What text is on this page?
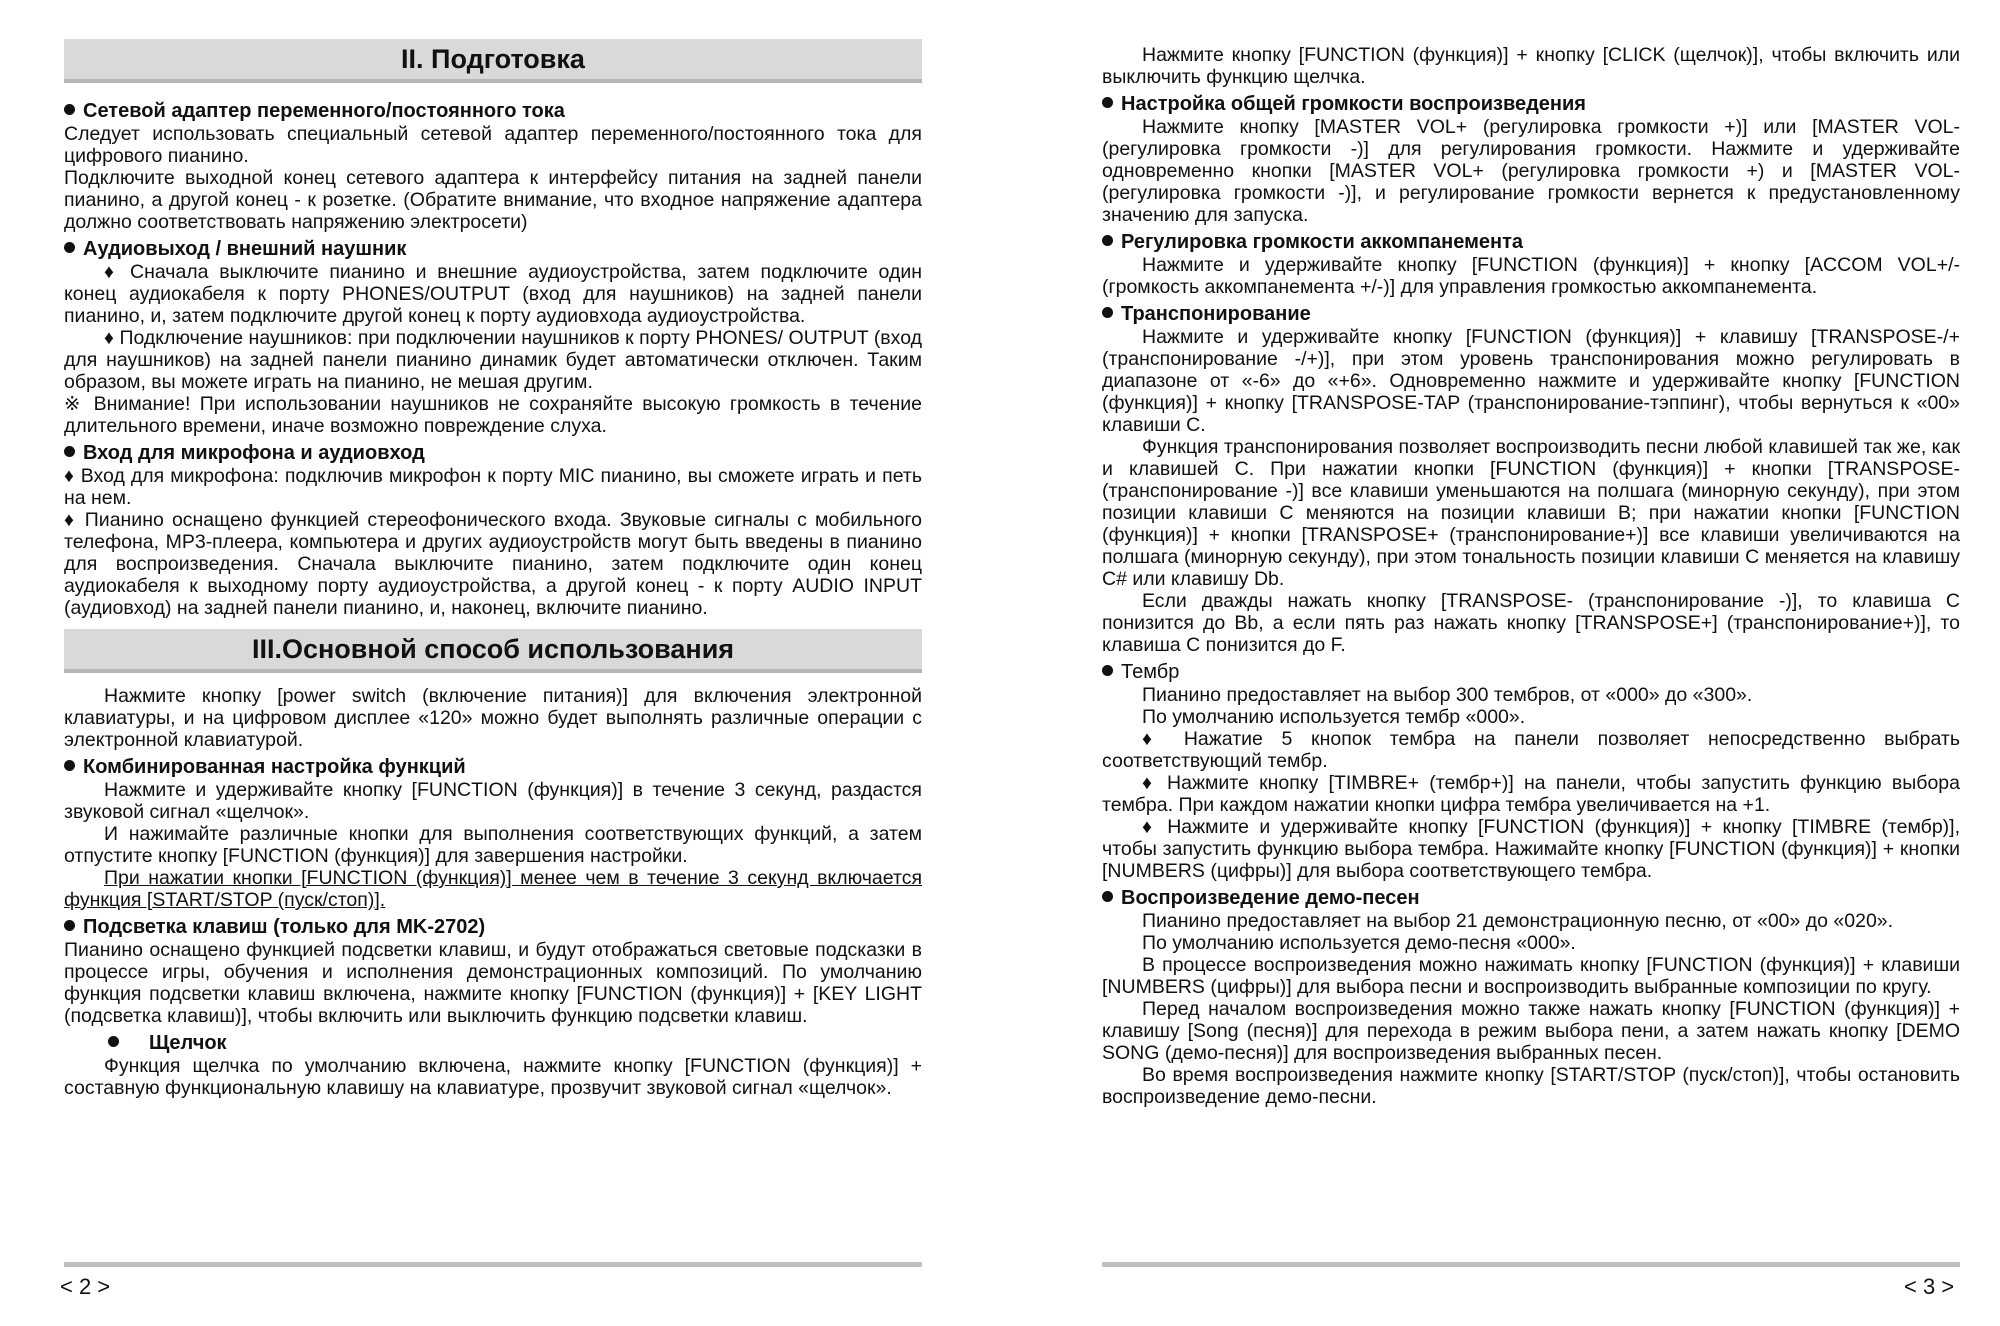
II. Подготовка
Сетевой адаптер переменного/постоянного тока

Следует использовать специальный сетевой адаптер переменного/постоянного тока для цифрового пианино.

Подключите выходной конец сетевого адаптера к интерфейсу питания на задней панели пианино, а другой конец - к розетке. (Обратите внимание, что входное напряжение адаптера должно соответствовать напряжению электросети)

Аудиовыход / внешний наушник

♦ Сначала выключите пианино и внешние аудиоустройства, затем подключите один конец аудиокабеля к порту PHONES/OUTPUT (вход для наушников) на задней панели пианино, и, затем подключите другой конец к порту аудиовхода аудиоустройства.

♦ Подключение наушников: при подключении наушников к порту PHONES/ OUTPUT (вход для наушников) на задней панели пианино динамик будет автоматически отключен. Таким образом, вы можете играть на пианино, не мешая другим.

※ Внимание! При использовании наушников не сохраняйте высокую громкость в течение длительного времени, иначе возможно повреждение слуха.

Вход для микрофона и аудиовход

♦ Вход для микрофона: подключив микрофон к порту MIC пианино, вы сможете играть и петь на нем.

♦ Пианино оснащено функцией стереофонического входа. Звуковые сигналы с мобильного телефона, MP3-плеера, компьютера и других аудиоустройств могут быть введены в пианино для воспроизведения. Сначала выключите пианино, затем подключите один конец аудиокабеля к выходному порту аудиоустройства, а другой конец - к порту AUDIO INPUT (аудиовход) на задней панели пианино, и, наконец, включите пианино.

III.Основной способ использования

Нажмите кнопку [power switch (включение питания)] для включения электронной клавиатуры, и на цифровом дисплее «120» можно будет выполнять различные операции с электронной клавиатурой.

Комбинированная настройка функций

Нажмите и удерживайте кнопку [FUNCTION (функция)] в течение 3 секунд, раздастся звуковой сигнал «щелчок».

И нажимайте различные кнопки для выполнения соответствующих функций, а затем отпустите кнопку [FUNCTION (функция)] для завершения настройки.

При нажатии кнопки [FUNCTION (функция)] менее чем в течение 3 секунд включается функция [START/STOP (пуск/стоп)].

Подсветка клавиш (только для MK-2702)

Пианино оснащено функцией подсветки клавиш, и будут отображаться световые подсказки в процессе игры, обучения и исполнения демонстрационных композиций. По умолчанию функция подсветки клавиш включена, нажмите кнопку [FUNCTION (функция)] + [KEY LIGHT (подсветка клавиш)], чтобы включить или выключить функцию подсветки клавиш.

Щелчок

Функция щелчка по умолчанию включена, нажмите кнопку [FUNCTION (функция)] + составную функциональную клавишу на клавиатуре, прозвучит звуковой сигнал «щелчок».

< 2 >

Нажмите кнопку [FUNCTION (функция)] + кнопку [CLICK (щелчок)], чтобы включить или выключить функцию щелчка.

Настройка общей громкости воспроизведения

Нажмите кнопку [MASTER VOL+ (регулировка громкости +)] или [MASTER VOL- (регулировка громкости -)] для регулирования громкости. Нажмите и удерживайте одновременно кнопки [MASTER VOL+ (регулировка громкости +) и [MASTER VOL-(регулировка громкости -)], и регулирование громкости вернется к предустановленному значению для запуска.

Регулировка громкости аккомпанемента

Нажмите и удерживайте кнопку [FUNCTION (функция)] + кнопку [ACCOM VOL+/- (громкость аккомпанемента +/-)] для управления громкостью аккомпанемента.

Транспонирование

Нажмите и удерживайте кнопку [FUNCTION (функция)] + клавишу [TRANSPOSE-/+ (транспонирование -/+)], при этом уровень транспонирования можно регулировать в диапазоне от «-6» до «+6». Одновременно нажмите и удерживайте кнопку [FUNCTION (функция)] + кнопку [TRANSPOSE-TAP (транспонирование-тэппинг), чтобы вернуться к «00» клавиши C.

Функция транспонирования позволяет воспроизводить песни любой клавишей так же, как и клавишей C. При нажатии кнопки [FUNCTION (функция)] + кнопки [TRANSPOSE- (транспонирование -)] все клавиши уменьшаются на полшага (минорную секунду), при этом позиции клавиши C меняются на позиции клавиши B; при нажатии кнопки [FUNCTION (функция)] + кнопки [TRANSPOSE+ (транспонирование+)] все клавиши увеличиваются на полшага (минорную секунду), при этом тональность позиции клавиши C меняется на клавишу C# или клавишу Db.

Если дважды нажать кнопку [TRANSPOSE- (транспонирование -)], то клавиша C понизится до Bb, а если пять раз нажать кнопку [TRANSPOSE+] (транспонирование+)], то клавиша C понизится до F.

Тембр

Пианино предоставляет на выбор 300 тембров, от «000» до «300».

По умолчанию используется тембр «000».

♦ Нажатие 5 кнопок тембра на панели позволяет непосредственно выбрать соответствующий тембр.

♦ Нажмите кнопку [TIMBRE+ (тембр+)] на панели, чтобы запустить функцию выбора тембра. При каждом нажатии кнопки цифра тембра увеличивается на +1.

♦ Нажмите и удерживайте кнопку [FUNCTION (функция)] + кнопку [TIMBRE (тембр)], чтобы запустить функцию выбора тембра. Нажимайте кнопку [FUNCTION (функция)] + кнопки [NUMBERS (цифры)] для выбора соответствующего тембра.

Воспроизведение демо-песен

Пианино предоставляет на выбор 21 демонстрационную песню, от «00» до «020».

По умолчанию используется демо-песня «000».

В процессе воспроизведения можно нажимать кнопку [FUNCTION (функция)] + клавиши [NUMBERS (цифры)] для выбора песни и воспроизводить выбранные композиции по кругу.

Перед началом воспроизведения можно также нажать кнопку [FUNCTION (функция)] + клавишу [Song (песня)] для перехода в режим выбора пени, а затем нажать кнопку [DEMO SONG (демо-песня)] для воспроизведения выбранных песен.

Во время воспроизведения нажмите кнопку [START/STOP (пуск/стоп)], чтобы остановить воспроизведение демо-песни.

< 3 >
